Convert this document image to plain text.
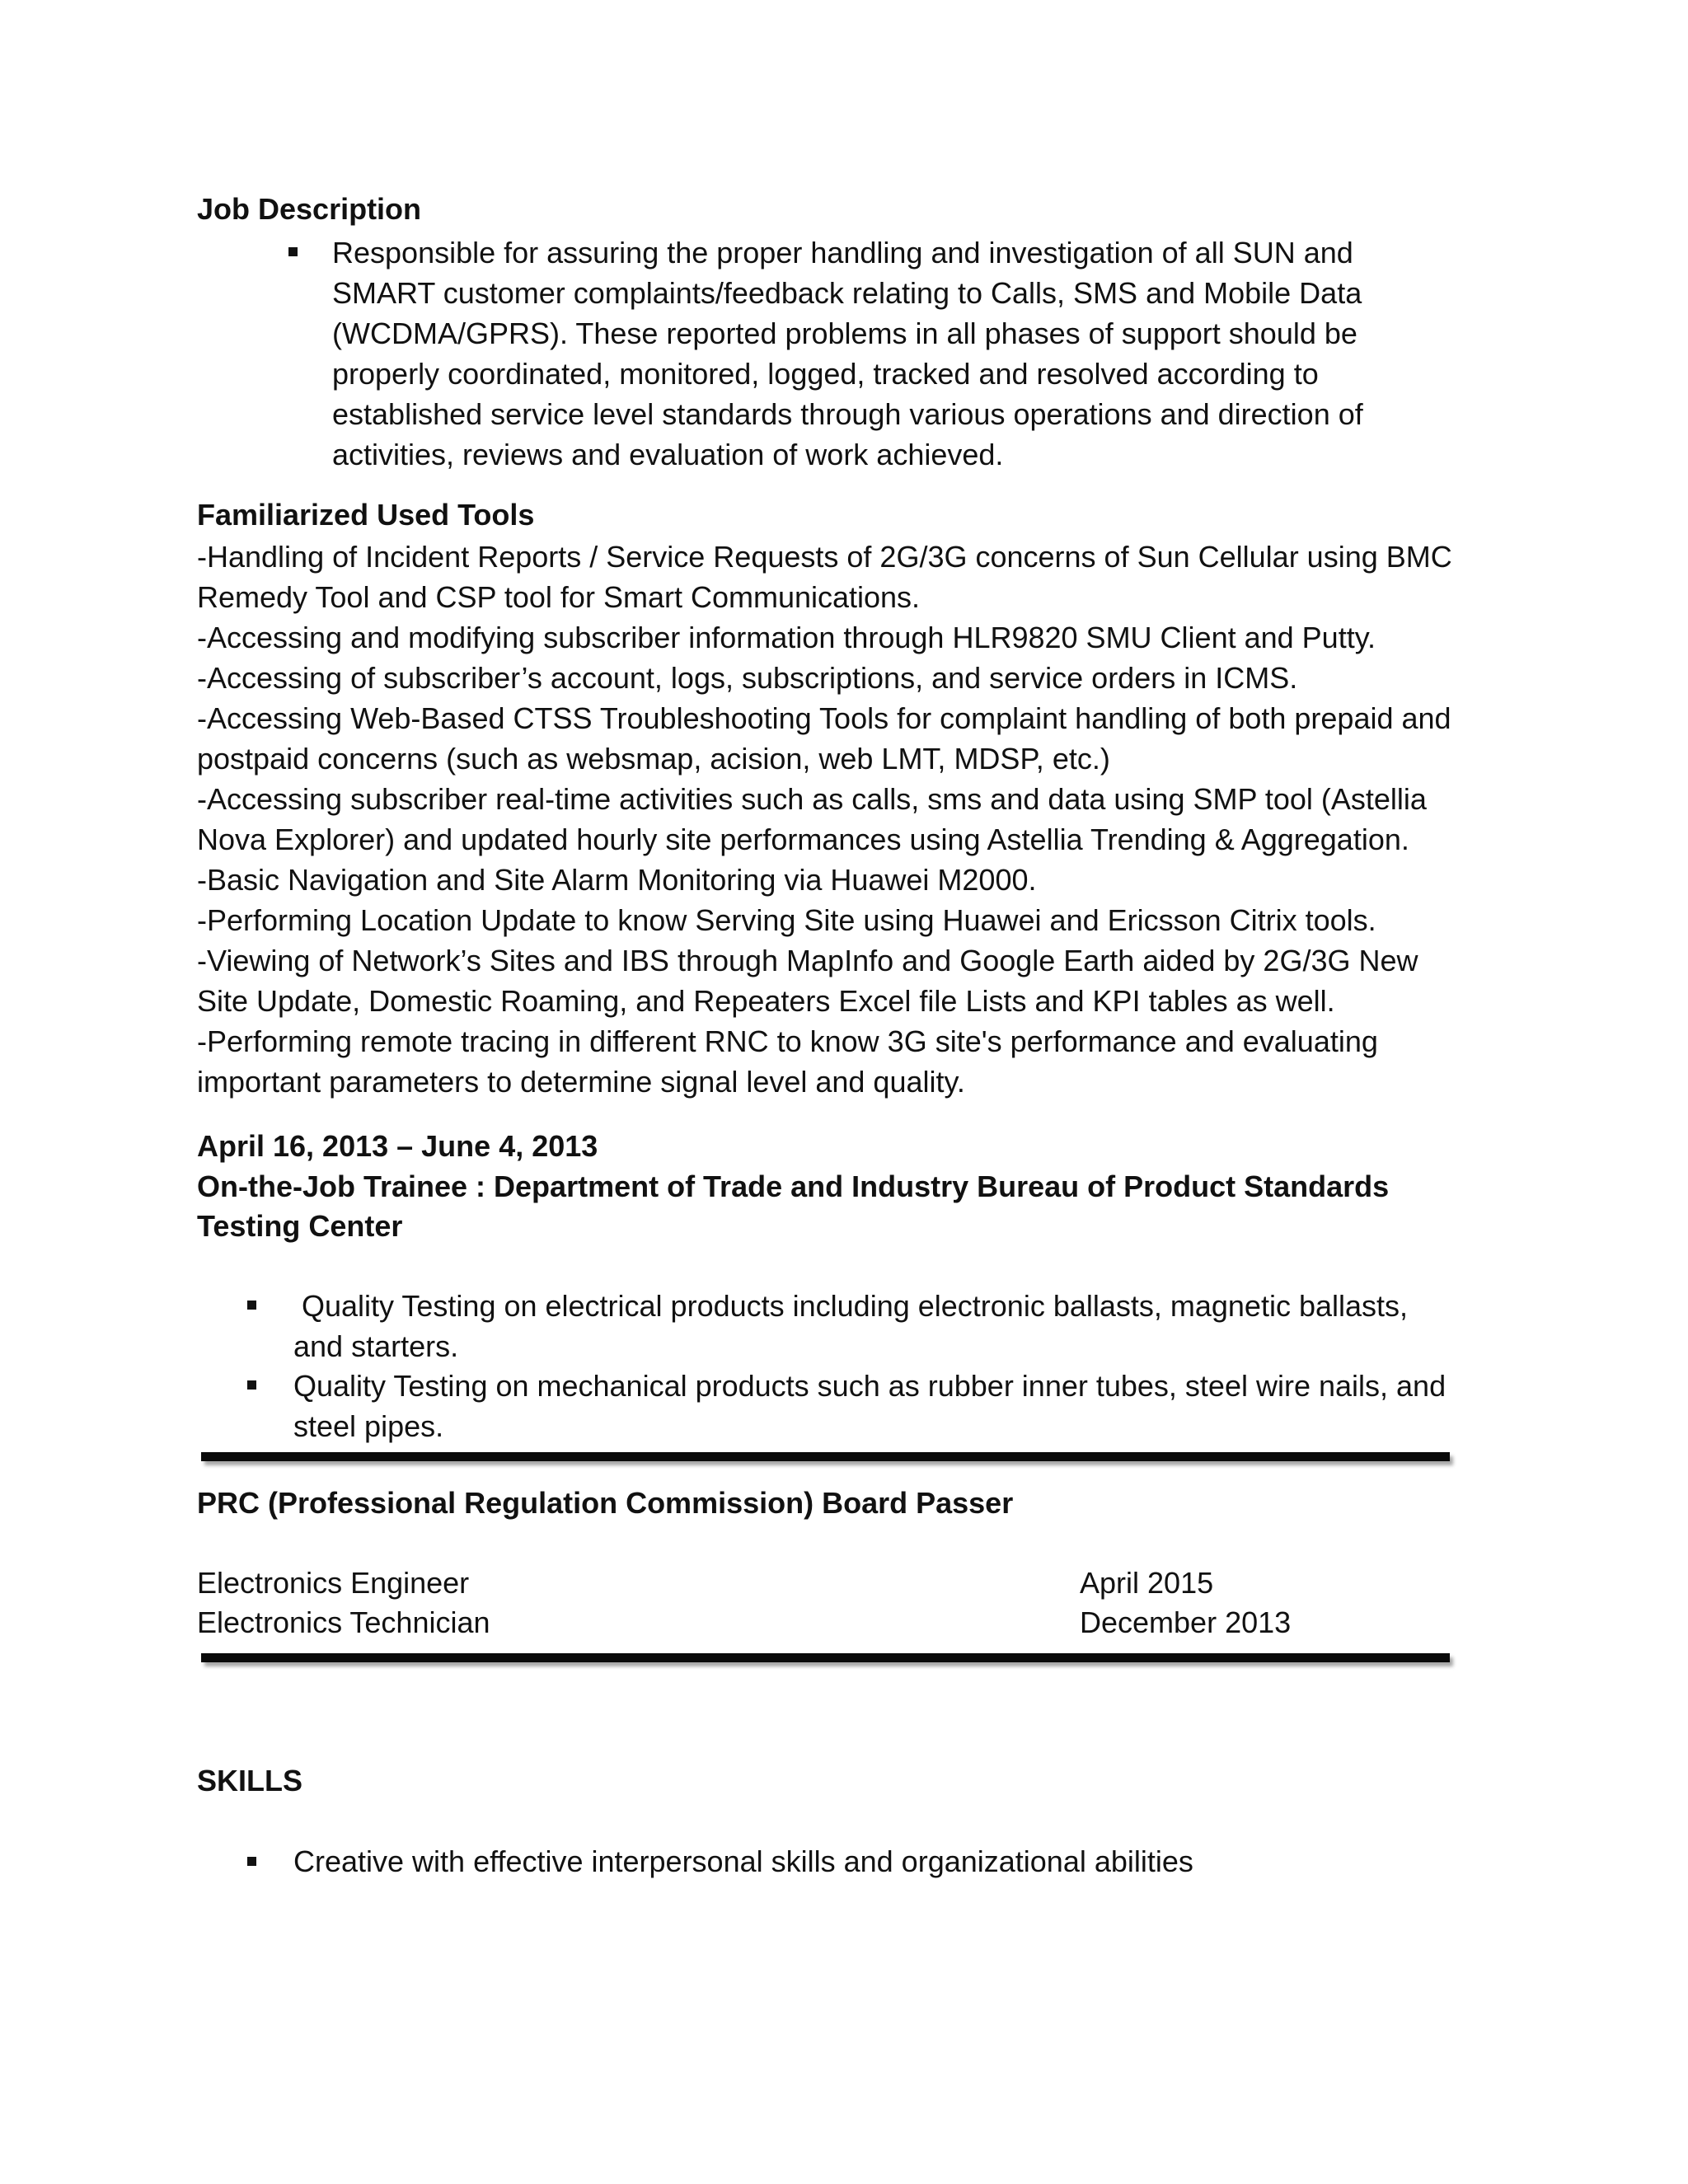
Job Description

Responsible for assuring the proper handling and investigation of all SUN and
SMART customer complaints/feedback relating to Calls, SMS and Mobile Data
(WCDMA/GPRS). These reported problems in all phases of support should be
properly coordinated, monitored, logged, tracked and resolved according to
established service level standards through various operations and direction of
activities, reviews and evaluation of work achieved.

Familiarized Used Tools

-Handling of Incident Reports / Service Requests of 2G/3G concerns of Sun Cellular using BMC
Remedy Tool and CSP tool for Smart Communications.
-Accessing and modifying subscriber information through HLR9820 SMU Client and Putty.
-Accessing of subscriber’s account, logs, subscriptions, and service orders in ICMS.
-Accessing Web-Based CTSS Troubleshooting Tools for complaint handling of both prepaid and
postpaid concerns (such as websmap, acision, web LMT, MDSP, etc.)
-Accessing subscriber real-time activities such as calls, sms and data using SMP tool (Astellia
Nova Explorer) and updated hourly site performances using Astellia Trending & Aggregation.
-Basic Navigation and Site Alarm Monitoring via Huawei M2000.
-Performing Location Update to know Serving Site using Huawei and Ericsson Citrix tools.
-Viewing of Network’s Sites and IBS through MapInfo and Google Earth aided by 2G/3G New
Site Update, Domestic Roaming, and Repeaters Excel file Lists and KPI tables as well.
-Performing remote tracing in different RNC to know 3G site's performance and evaluating
important parameters to determine signal level and quality.

April 16, 2013 – June 4, 2013

On-the-Job Trainee : Department of Trade and Industry Bureau of Product Standards

Testing Center

Quality Testing on electrical products including electronic ballasts, magnetic ballasts,
and starters.
Quality Testing on mechanical products such as rubber inner tubes, steel wire nails, and
steel pipes.

PRC (Professional Regulation Commission) Board Passer

Electronics Engineer	April 2015

Electronics Technician	December 2013

SKILLS

Creative with effective interpersonal skills and organizational abilities
